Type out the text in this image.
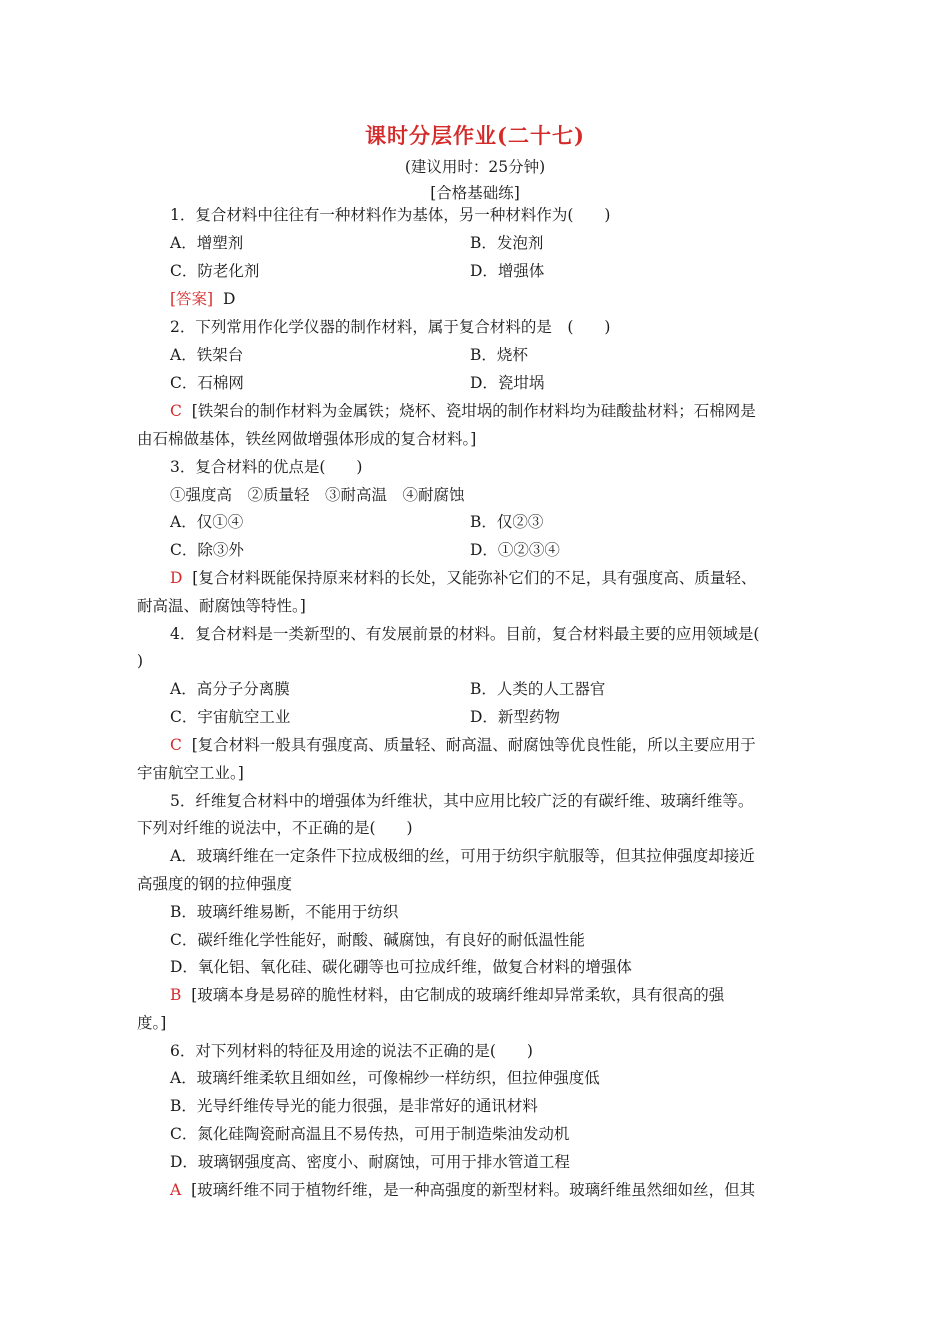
课时分层作业(二十七)
(建议用时：25分钟)
[合格基础练]
1．复合材料中往往有一种材料作为基体，另一种材料作为(　　)
A．增塑剂	B．发泡剂
C．防老化剂	D．增强体
[答案] D
2．下列常用作化学仪器的制作材料，属于复合材料的是　(　　)
A．铁架台	B．烧杯
C．石棉网	D．瓷坩埚
C [铁架台的制作材料为金属铁；烧杯、瓷坩埚的制作材料均为硅酸盐材料；石棉网是
由石棉做基体，铁丝网做增强体形成的复合材料。]
3．复合材料的优点是(　　)
①强度高　②质量轻　③耐高温　④耐腐蚀
A．仅①④	B．仅②③
C．除③外	D．①②③④
D [复合材料既能保持原来材料的长处，又能弥补它们的不足，具有强度高、质量轻、
耐高温、耐腐蚀等特性。]
4．复合材料是一类新型的、有发展前景的材料。目前，复合材料最主要的应用领域是(
)
A．高分子分离膜	B．人类的人工器官
C．宇宙航空工业	D．新型药物
C [复合材料一般具有强度高、质量轻、耐高温、耐腐蚀等优良性能，所以主要应用于
宇宙航空工业。]
5．纤维复合材料中的增强体为纤维状，其中应用比较广泛的有碳纤维、玻璃纤维等。
下列对纤维的说法中，不正确的是(　　)
A．玻璃纤维在一定条件下拉成极细的丝，可用于纺织宇航服等，但其拉伸强度却接近
高强度的钢的拉伸强度
B．玻璃纤维易断，不能用于纺织
C．碳纤维化学性能好，耐酸、碱腐蚀，有良好的耐低温性能
D．氧化铝、氧化硅、碳化硼等也可拉成纤维，做复合材料的增强体
B [玻璃本身是易碎的脆性材料，由它制成的玻璃纤维却异常柔软，具有很高的强
度。]
6．对下列材料的特征及用途的说法不正确的是(　　)
A．玻璃纤维柔软且细如丝，可像棉纱一样纺织，但拉伸强度低
B．光导纤维传导光的能力很强，是非常好的通讯材料
C．氮化硅陶瓷耐高温且不易传热，可用于制造柴油发动机
D．玻璃钢强度高、密度小、耐腐蚀，可用于排水管道工程
A [玻璃纤维不同于植物纤维，是一种高强度的新型材料。玻璃纤维虽然细如丝，但其
